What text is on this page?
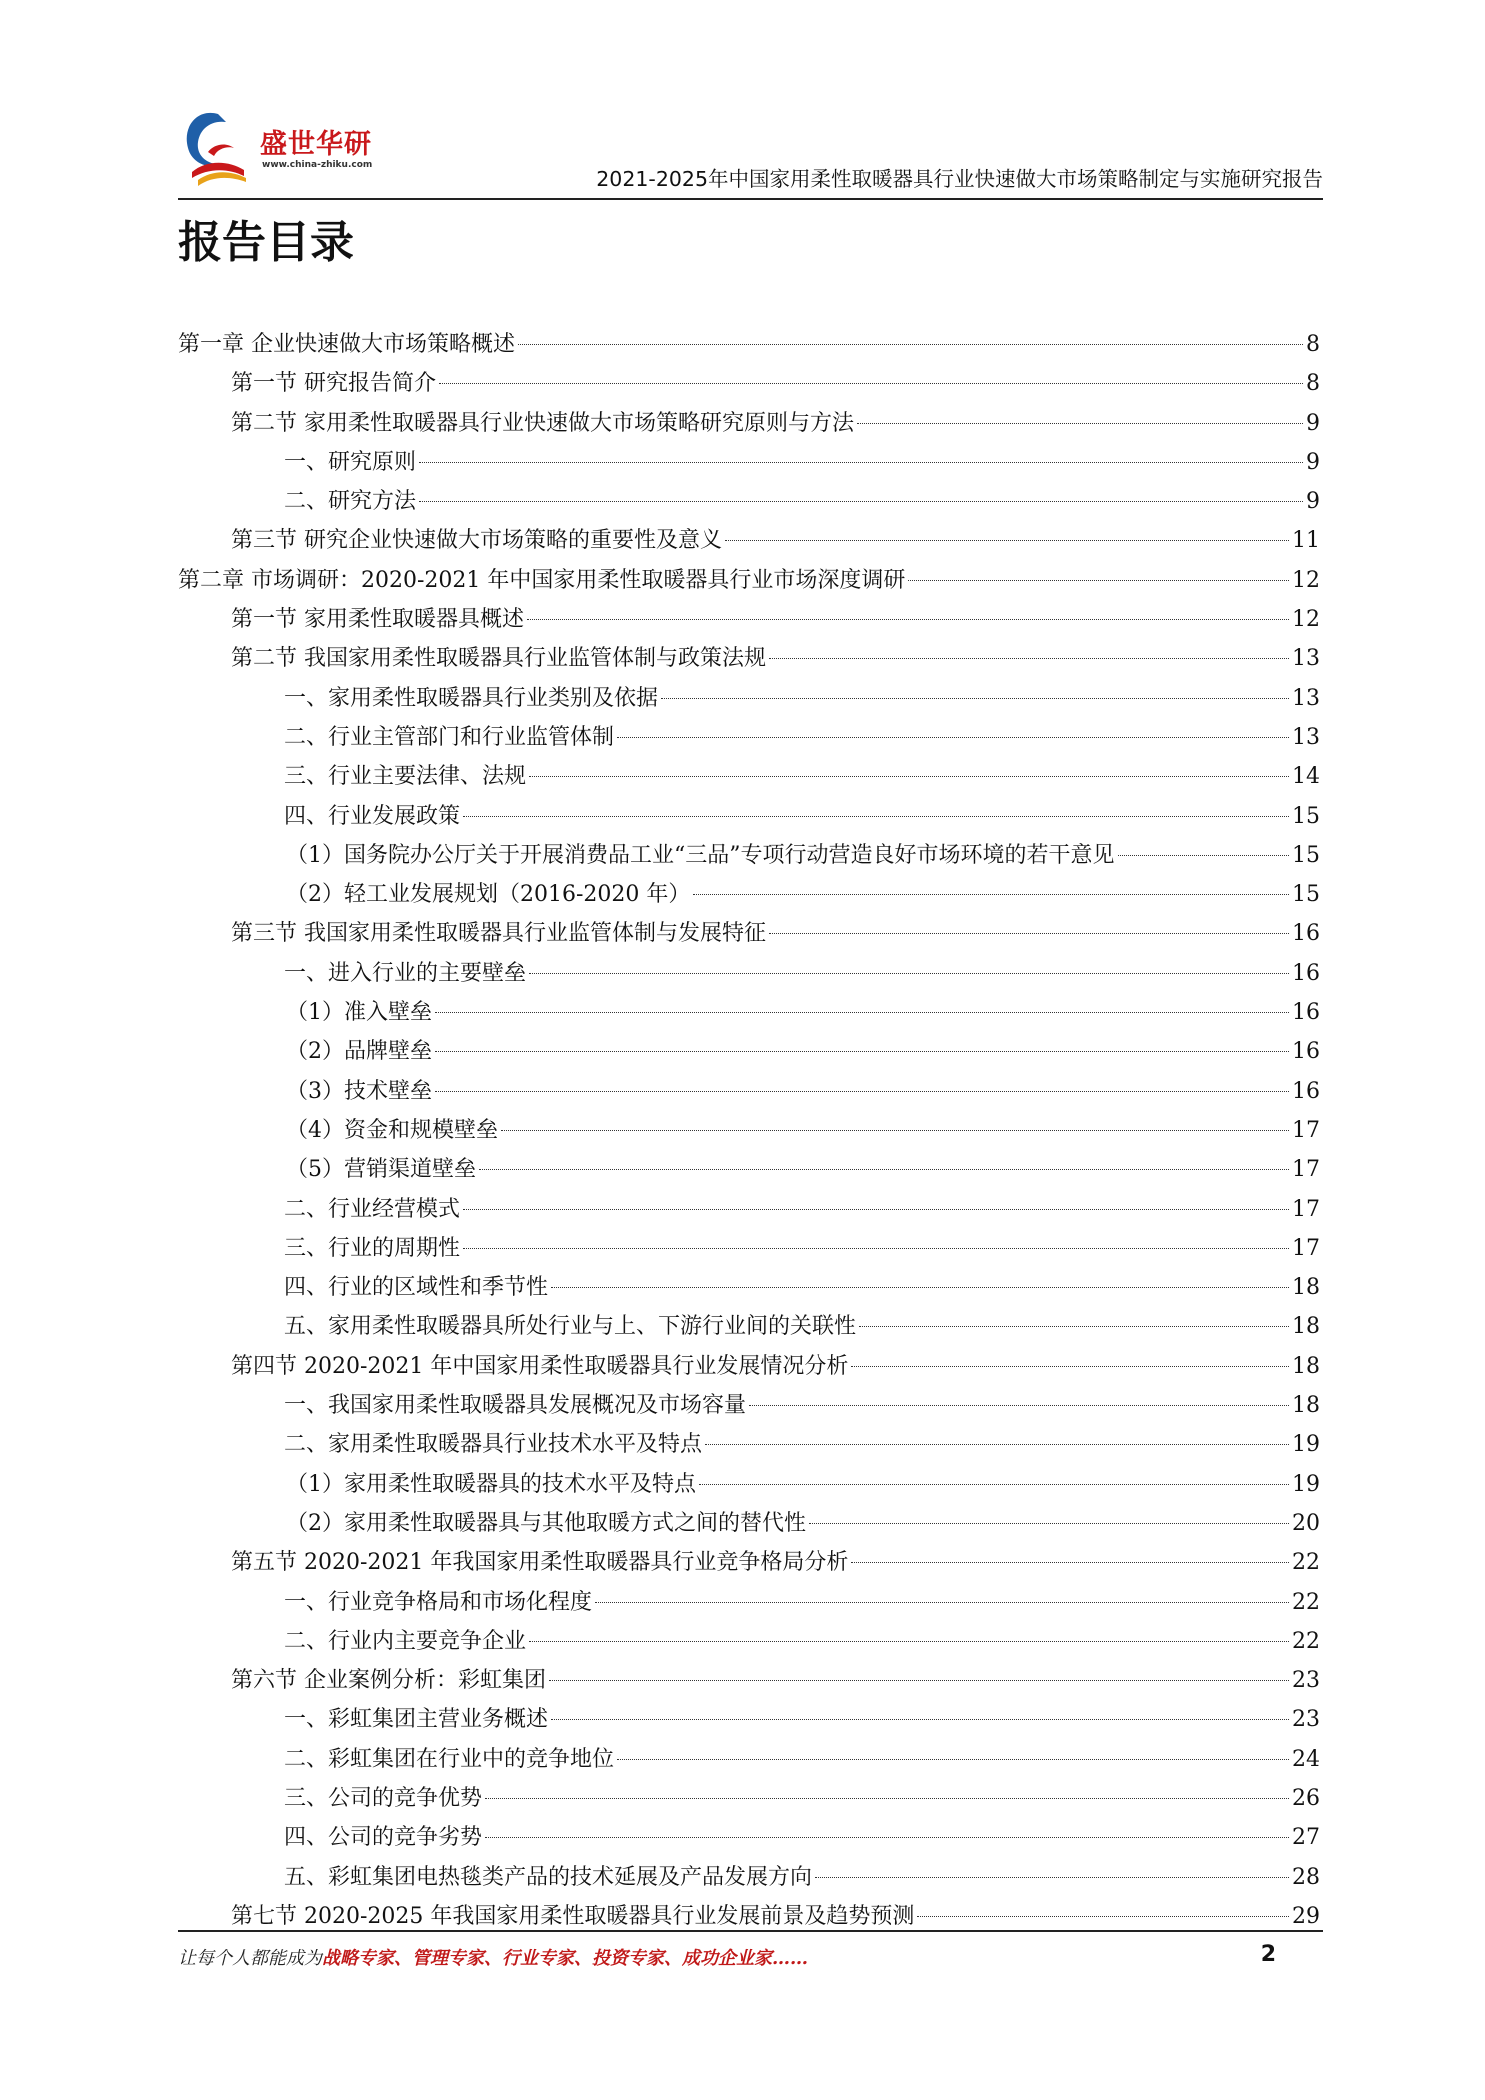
盛世华研
www.china-zhiku.com
2021-2025年中国家用柔性取暖器具行业快速做大市场策略制定与实施研究报告
报告目录
第一章 企业快速做大市场策略概述	8
第一节 研究报告简介	8
第二节 家用柔性取暖器具行业快速做大市场策略研究原则与方法	9
一、研究原则	9
二、研究方法	9
第三节 研究企业快速做大市场策略的重要性及意义	11
第二章 市场调研：2020-2021 年中国家用柔性取暖器具行业市场深度调研	12
第一节 家用柔性取暖器具概述	12
第二节 我国家用柔性取暖器具行业监管体制与政策法规	13
一、家用柔性取暖器具行业类别及依据	13
二、行业主管部门和行业监管体制	13
三、行业主要法律、法规	14
四、行业发展政策	15
（1）国务院办公厅关于开展消费品工业“三品”专项行动营造良好市场环境的若干意见	15
（2）轻工业发展规划（2016-2020 年）	15
第三节 我国家用柔性取暖器具行业监管体制与发展特征	16
一、进入行业的主要壁垒	16
（1）准入壁垒	16
（2）品牌壁垒	16
（3）技术壁垒	16
（4）资金和规模壁垒	17
（5）营销渠道壁垒	17
二、行业经营模式	17
三、行业的周期性	17
四、行业的区域性和季节性	18
五、家用柔性取暖器具所处行业与上、下游行业间的关联性	18
第四节 2020-2021 年中国家用柔性取暖器具行业发展情况分析	18
一、我国家用柔性取暖器具发展概况及市场容量	18
二、家用柔性取暖器具行业技术水平及特点	19
（1）家用柔性取暖器具的技术水平及特点	19
（2）家用柔性取暖器具与其他取暖方式之间的替代性	20
第五节 2020-2021 年我国家用柔性取暖器具行业竞争格局分析	22
一、行业竞争格局和市场化程度	22
二、行业内主要竞争企业	22
第六节 企业案例分析：彩虹集团	23
一、彩虹集团主营业务概述	23
二、彩虹集团在行业中的竞争地位	24
三、公司的竞争优势	26
四、公司的竞争劣势	27
五、彩虹集团电热毯类产品的技术延展及产品发展方向	28
第七节 2020-2025 年我国家用柔性取暖器具行业发展前景及趋势预测	29
让每个人都能成为战略专家、管理专家、行业专家、投资专家、成功企业家……	2
